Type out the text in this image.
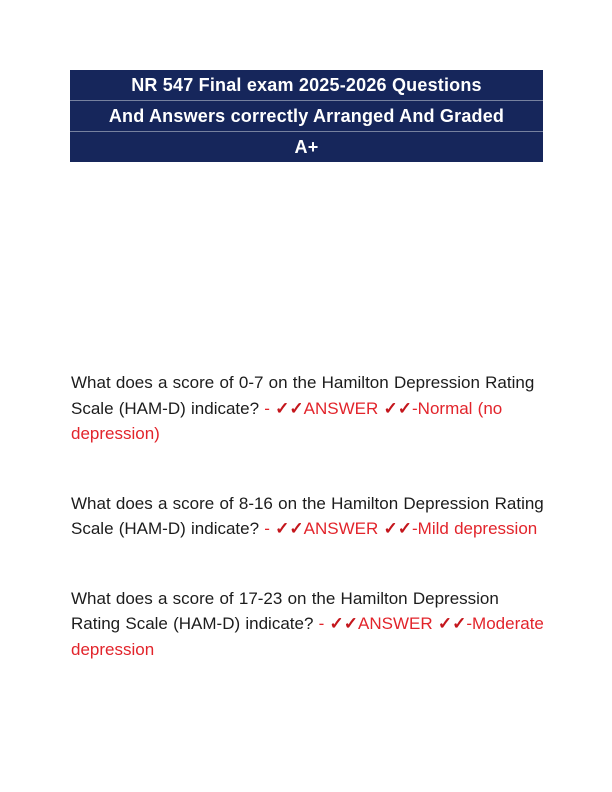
NR 547 Final exam 2025-2026 Questions
And Answers correctly Arranged And Graded
A+

What does a score of 0-7 on the Hamilton Depression Rating Scale (HAM-D) indicate? - ✓✓ANSWER ✓✓-Normal (no depression)

What does a score of 8-16 on the Hamilton Depression Rating Scale (HAM-D) indicate? - ✓✓ANSWER ✓✓-Mild depression

What does a score of 17-23 on the Hamilton Depression Rating Scale (HAM-D) indicate? - ✓✓ANSWER ✓✓-Moderate depression
